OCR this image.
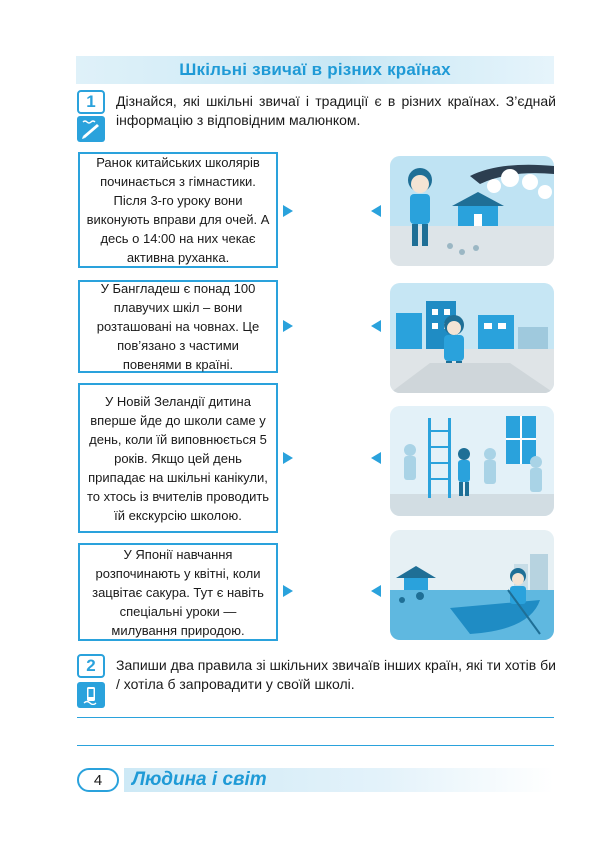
Шкільні звичаї в різних країнах
1	Дізнайся, які шкільні звичаї і традиції є в різних країнах. З’єднай інформацію з відповідним малюнком.
Ранок китайських школярів починається з гімнастики. Після 3-го уроку вони виконують вправи для очей. А десь о 14:00 на них чекає активна руханка.
У Бангладеш є понад 100 плавучих шкіл – вони розташовані на човнах. Це пов’язано з частими повенями в країні.
У Новій Зеландії дитина вперше йде до школи саме у день, коли їй виповнюється 5 років. Якщо цей день припадає на шкільні канікули, то хтось із вчителів проводить їй екскурсію школою.
У Японії навчання розпочинають у квітні, коли зацвітає сакура. Тут є навіть спеціальні уроки — милування природою.
2	Запиши два правила зі шкільних звичаїв інших країн, які ти хотів би / хотіла б запровадити у своїй школі.
4	Людина і світ
